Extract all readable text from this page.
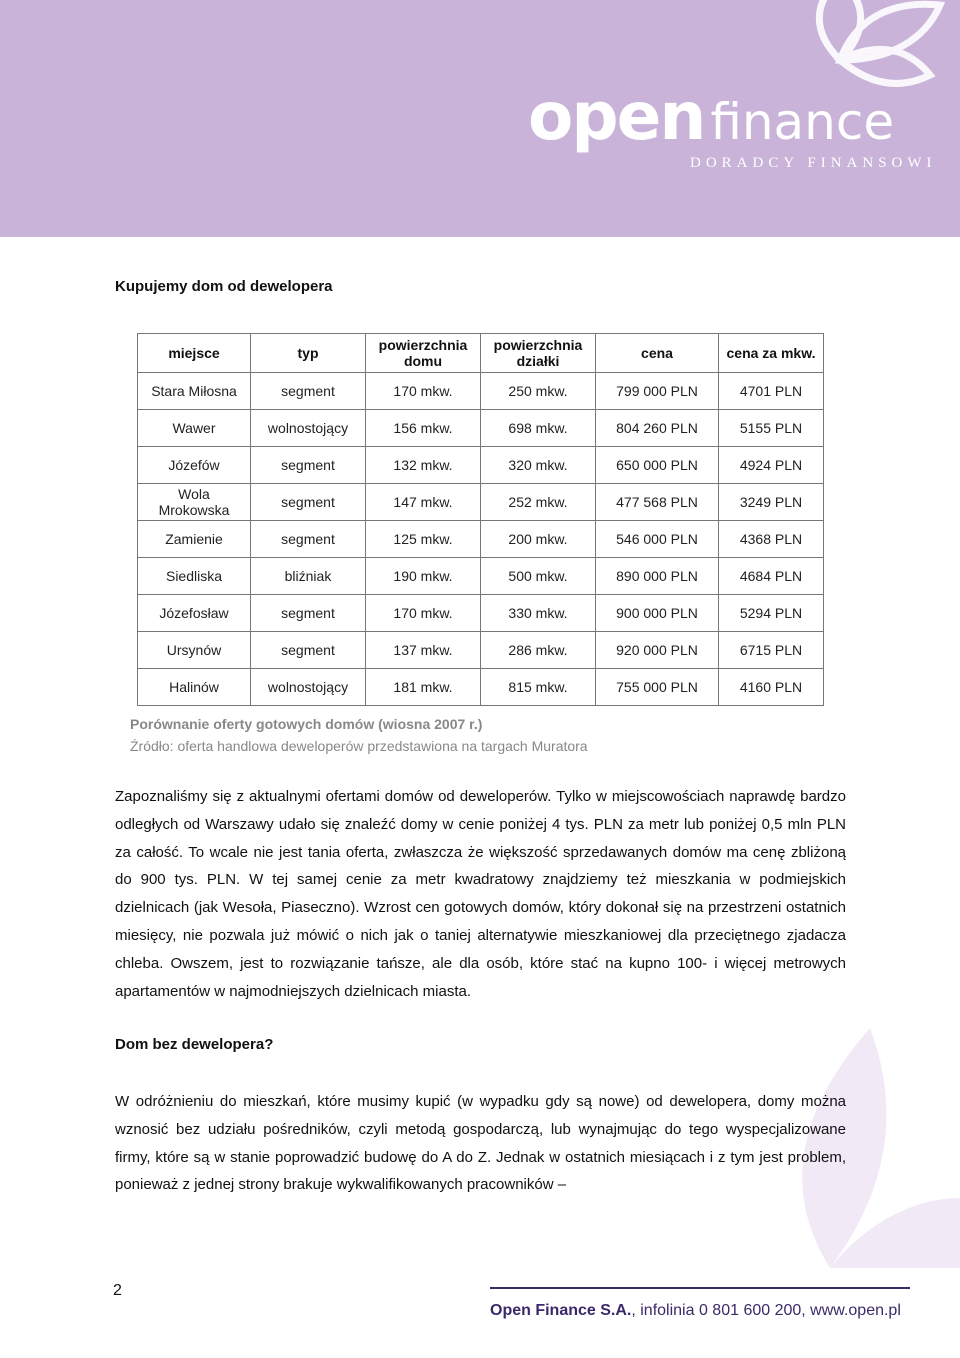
open finance
DORADCY FINANSOWI
Kupujemy dom od dewelopera
miejsce	typ	powierzchnia domu	powierzchnia działki	cena	cena za mkw.
Stara Miłosna	segment	170 mkw.	250 mkw.	799 000 PLN	4701 PLN
Wawer	wolnostojący	156 mkw.	698 mkw.	804 260 PLN	5155 PLN
Józefów	segment	132 mkw.	320 mkw.	650 000 PLN	4924 PLN
Wola Mrokowska	segment	147 mkw.	252 mkw.	477 568 PLN	3249 PLN
Zamienie	segment	125 mkw.	200 mkw.	546 000 PLN	4368 PLN
Siedliska	bliźniak	190 mkw.	500 mkw.	890 000 PLN	4684 PLN
Józefosław	segment	170 mkw.	330 mkw.	900 000 PLN	5294 PLN
Ursynów	segment	137 mkw.	286 mkw.	920 000 PLN	6715 PLN
Halinów	wolnostojący	181 mkw.	815 mkw.	755 000 PLN	4160 PLN
Porównanie oferty gotowych domów (wiosna 2007 r.)
Źródło: oferta handlowa deweloperów przedstawiona na targach Muratora
Zapoznaliśmy się z aktualnymi ofertami domów od deweloperów. Tylko w miejscowościach naprawdę bardzo odległych od Warszawy udało się znaleźć domy w cenie poniżej 4 tys. PLN za metr lub poniżej 0,5 mln PLN za całość. To wcale nie jest tania oferta, zwłaszcza że większość sprzedawanych domów ma cenę zbliżoną do 900 tys. PLN. W tej samej cenie za metr kwadratowy znajdziemy też mieszkania w podmiejskich dzielnicach (jak Wesoła, Piaseczno). Wzrost cen gotowych domów, który dokonał się na przestrzeni ostatnich miesięcy, nie pozwala już mówić o nich jak o taniej alternatywie mieszkaniowej dla przeciętnego zjadacza chleba. Owszem, jest to rozwiązanie tańsze, ale dla osób, które stać na kupno 100- i więcej metrowych apartamentów w najmodniejszych dzielnicach miasta.
Dom bez dewelopera?
W odróżnieniu do mieszkań, które musimy kupić (w wypadku gdy są nowe) od dewelopera, domy można wznosić bez udziału pośredników, czyli metodą gospodarczą, lub wynajmując do tego wyspecjalizowane firmy, które są w stanie poprowadzić budowę do A do Z. Jednak w ostatnich miesiącach i z tym jest problem, ponieważ z jednej strony brakuje wykwalifikowanych pracowników –
2
Open Finance S.A., infolinia 0 801 600 200, www.open.pl
